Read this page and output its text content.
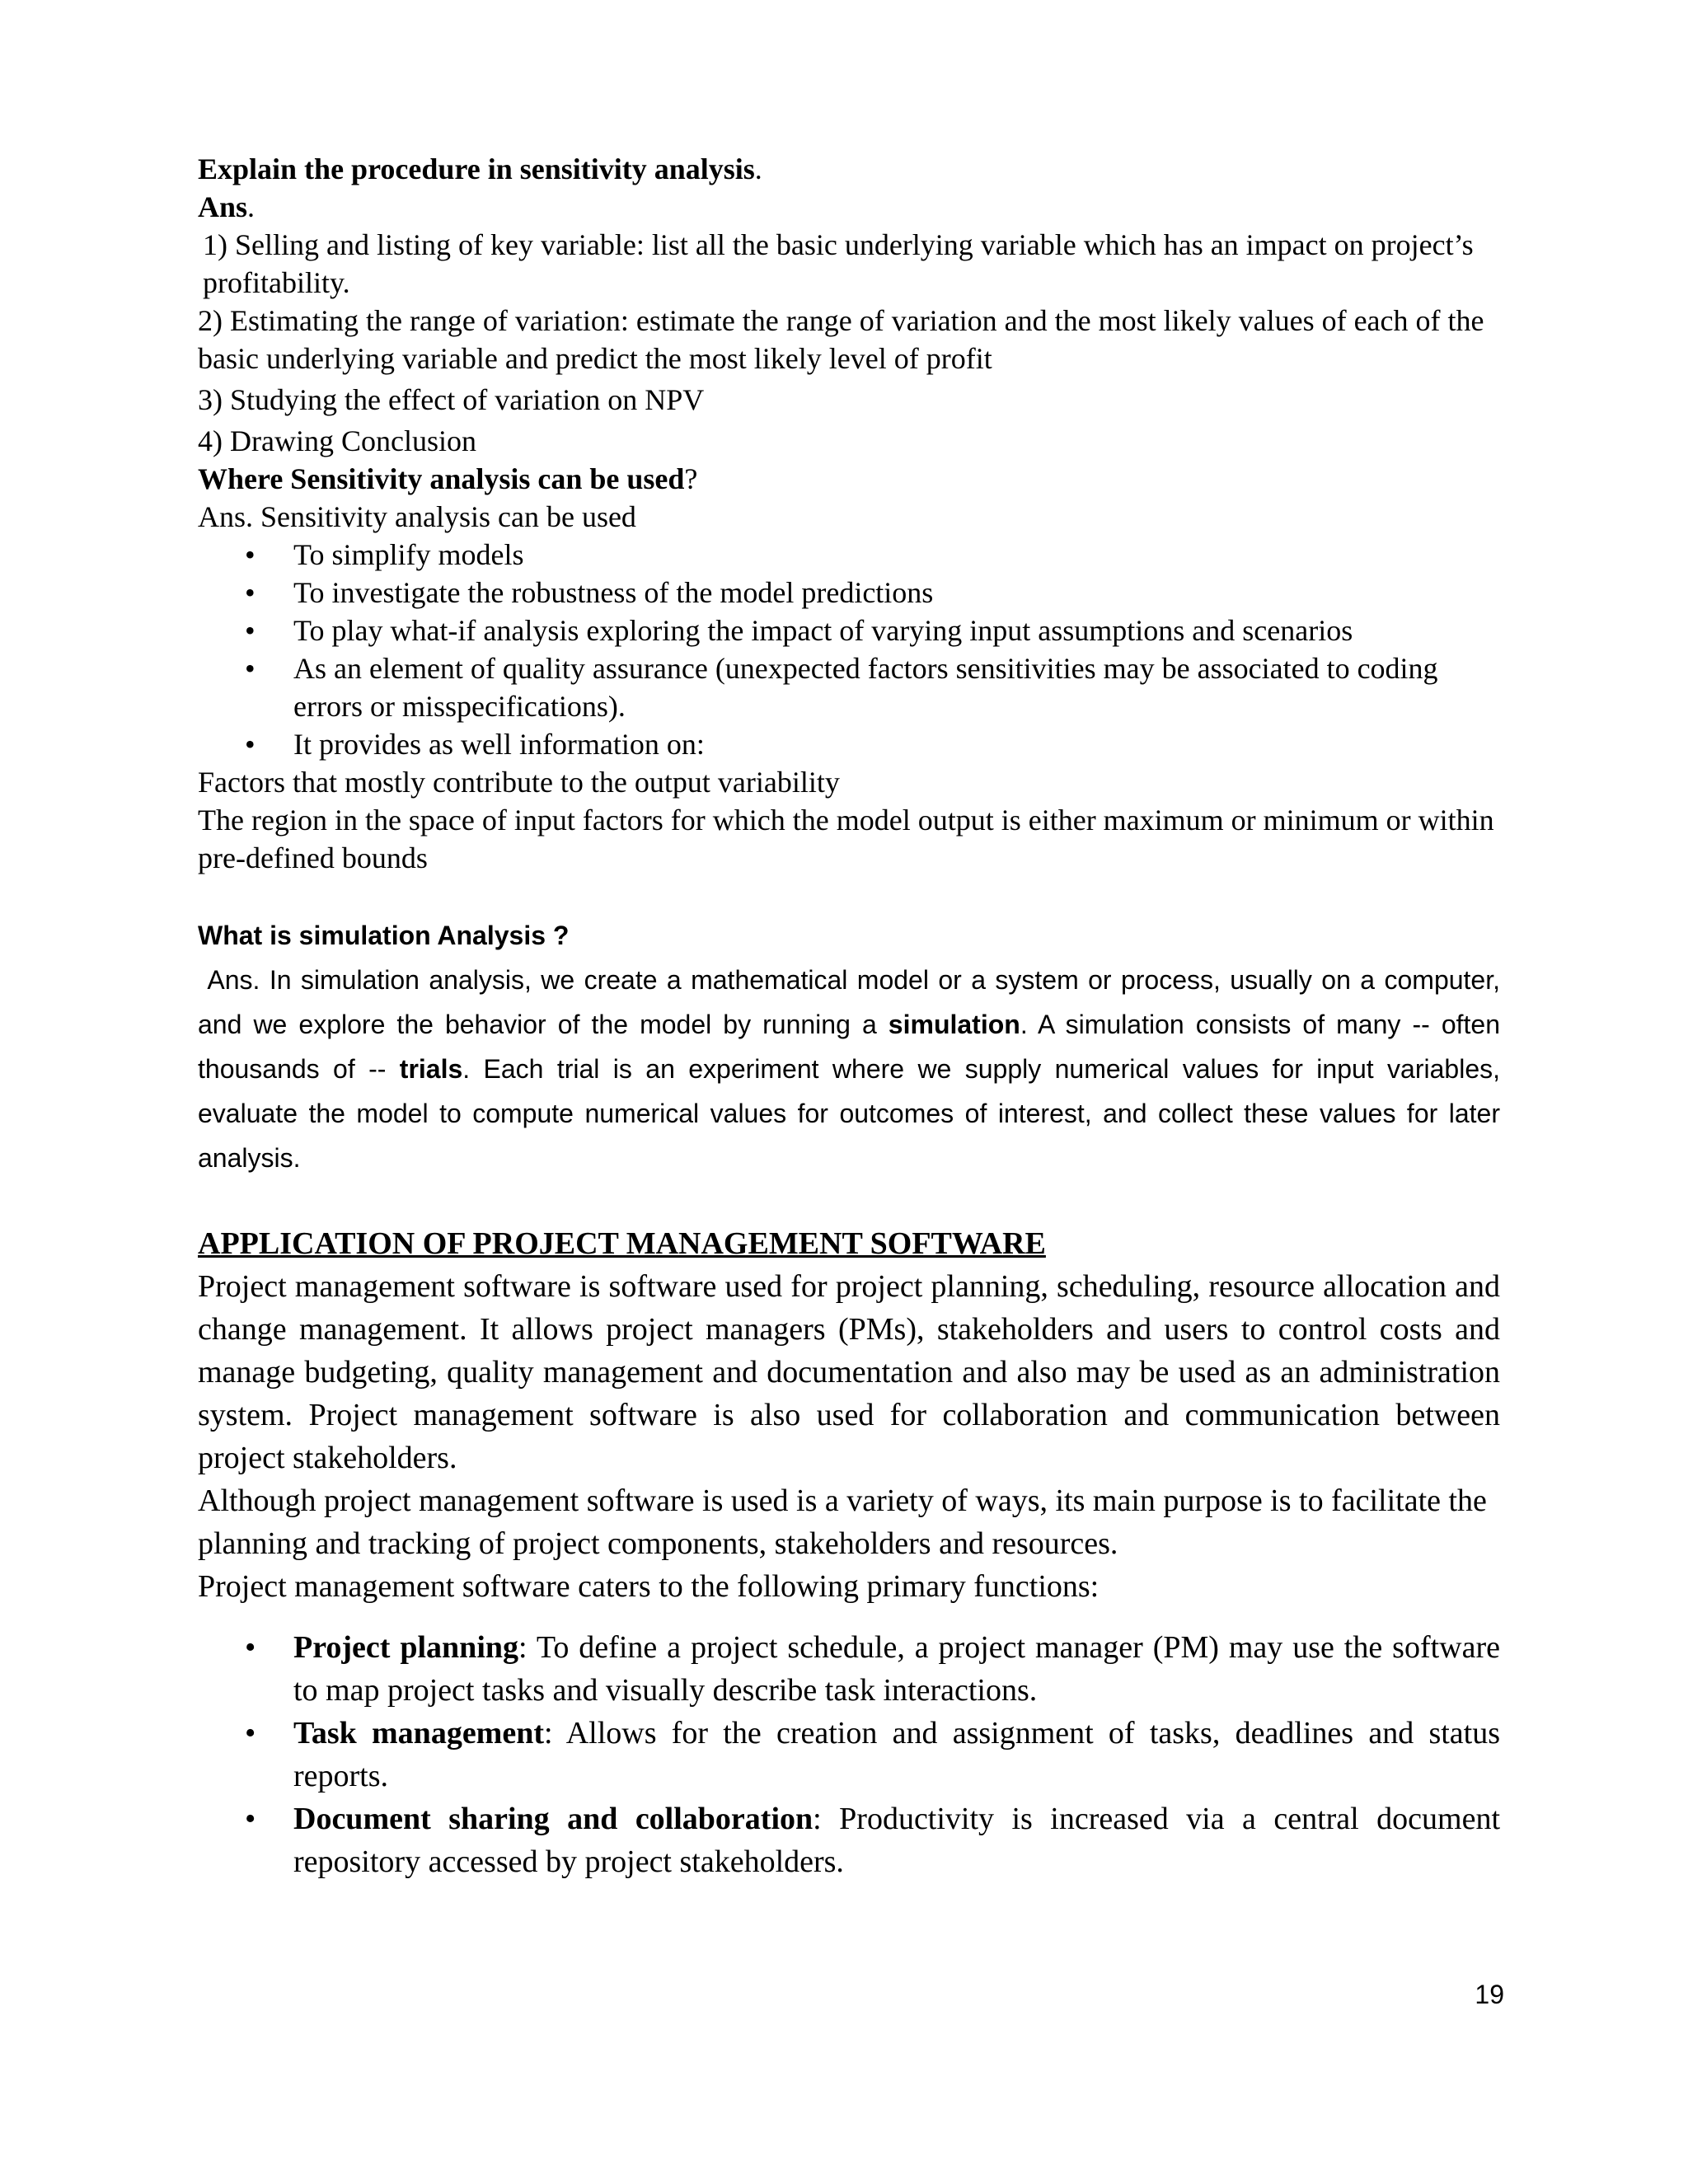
Explain the procedure in sensitivity analysis.

Ans.

1) Selling and listing of key variable: list all the basic underlying variable which has an impact on project’s profitability.

2) Estimating the range of variation: estimate the range of variation and the most likely values of each of the basic underlying variable and predict the most likely level of profit

3) Studying the effect of variation on NPV

4) Drawing Conclusion

Where Sensitivity analysis can be used?

Ans. Sensitivity analysis can be used

• To simplify models
• To investigate the robustness of the model predictions
• To play what-if analysis exploring the impact of varying input assumptions and scenarios
• As an element of quality assurance (unexpected factors sensitivities may be associated to coding errors or misspecifications).
• It provides as well information on:

Factors that mostly contribute to the output variability

The region in the space of input factors for which the model output is either maximum or minimum or within pre-defined bounds

What is simulation Analysis ?

Ans. In simulation analysis, we create a mathematical model or a system or process, usually on a computer, and we explore the behavior of the model by running a simulation. A simulation consists of many -- often thousands of -- trials. Each trial is an experiment where we supply numerical values for input variables, evaluate the model to compute numerical values for outcomes of interest, and collect these values for later analysis.

APPLICATION OF PROJECT MANAGEMENT SOFTWARE

Project management software is software used for project planning, scheduling, resource allocation and change management. It allows project managers (PMs), stakeholders and users to control costs and manage budgeting, quality management and documentation and also may be used as an administration system. Project management software is also used for collaboration and communication between project stakeholders.

Although project management software is used is a variety of ways, its main purpose is to facilitate the planning and tracking of project components, stakeholders and resources.

Project management software caters to the following primary functions:

• Project planning: To define a project schedule, a project manager (PM) may use the software to map project tasks and visually describe task interactions.
• Task management: Allows for the creation and assignment of tasks, deadlines and status reports.
• Document sharing and collaboration: Productivity is increased via a central document repository accessed by project stakeholders.
19
